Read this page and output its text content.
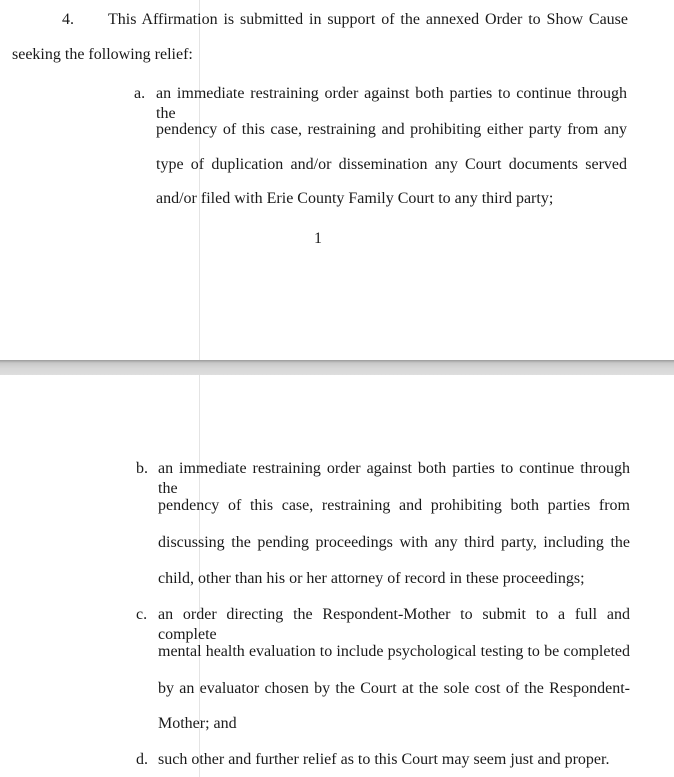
4. This Affirmation is submitted in support of the annexed Order to Show Cause
seeking the following relief:
a. an immediate restraining order against both parties to continue through the
pendency of this case, restraining and prohibiting either party from any
type of duplication and/or dissemination any Court documents served
and/or filed with Erie County Family Court to any third party;
1
b. an immediate restraining order against both parties to continue through the
pendency of this case, restraining and prohibiting both parties from
discussing the pending proceedings with any third party, including the
child, other than his or her attorney of record in these proceedings;
c. an order directing the Respondent-Mother to submit to a full and complete
mental health evaluation to include psychological testing to be completed
by an evaluator chosen by the Court at the sole cost of the Respondent-
Mother; and
d. such other and further relief as to this Court may seem just and proper.
